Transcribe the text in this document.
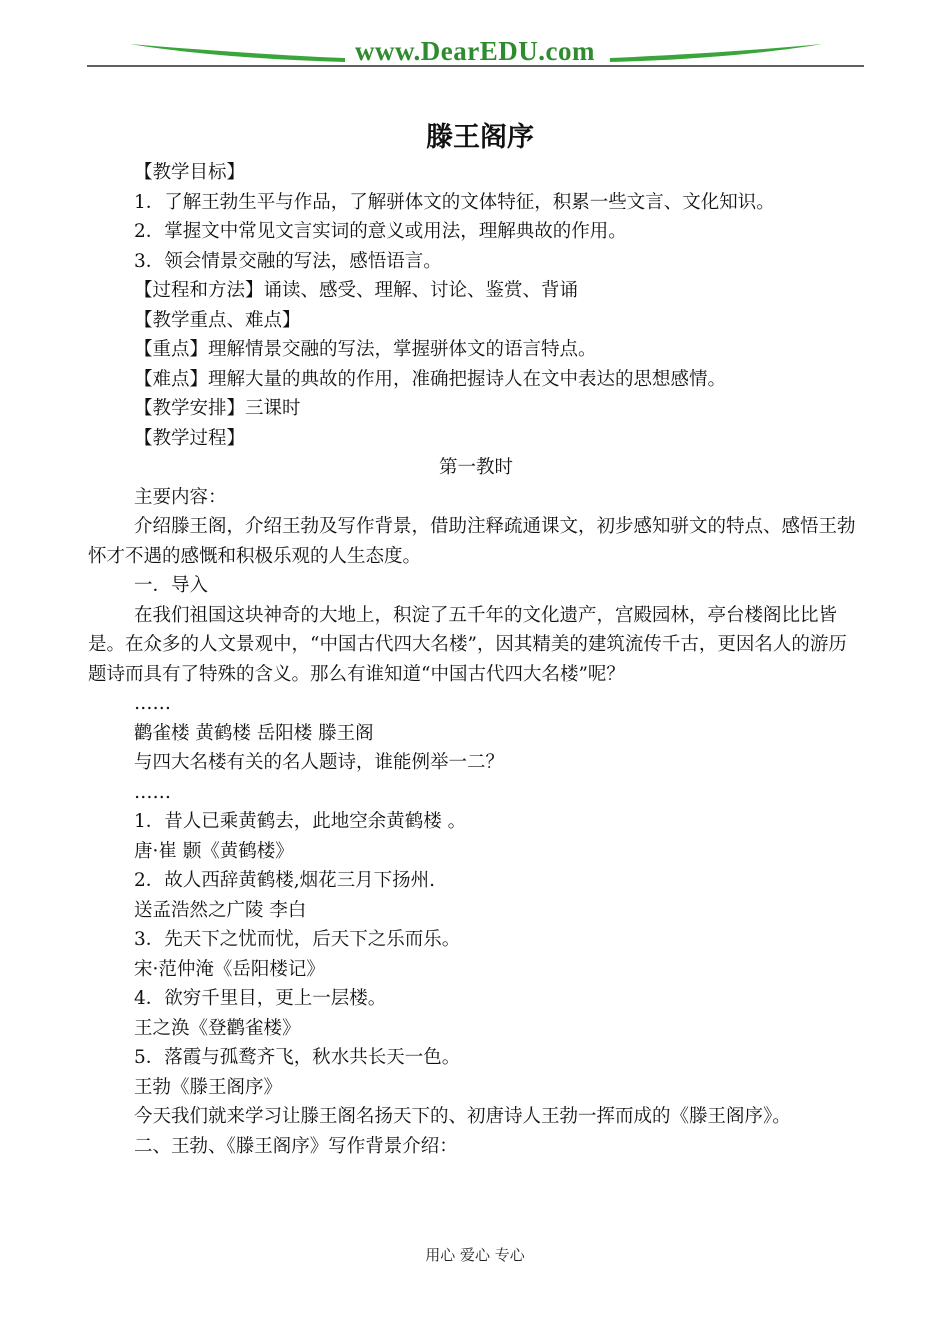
www.DearEDU.com
滕王阁序

【教学目标】

1．了解王勃生平与作品，了解骈体文的文体特征，积累一些文言、文化知识。

2．掌握文中常见文言实词的意义或用法，理解典故的作用。

3．领会情景交融的写法，感悟语言。

【过程和方法】诵读、感受、理解、讨论、鉴赏、背诵

【教学重点、难点】

【重点】理解情景交融的写法，掌握骈体文的语言特点。

【难点】理解大量的典故的作用，准确把握诗人在文中表达的思想感情。

【教学安排】三课时

【教学过程】

第一教时

主要内容：

介绍滕王阁，介绍王勃及写作背景，借助注释疏通课文，初步感知骈文的特点、感悟王勃怀才不遇的感慨和积极乐观的人生态度。

一．导入

在我们祖国这块神奇的大地上，积淀了五千年的文化遗产，宫殿园林，亭台楼阁比比皆是。在众多的人文景观中，“中国古代四大名楼”，因其精美的建筑流传千古，更因名人的游历题诗而具有了特殊的含义。那么有谁知道“中国古代四大名楼”呢？

……

鹳雀楼 黄鹤楼 岳阳楼 滕王阁

与四大名楼有关的名人题诗，谁能例举一二？

……

1．昔人已乘黄鹤去，此地空余黄鹤楼 。

唐·崔 颢《黄鹤楼》

2．故人西辞黄鹤楼,烟花三月下扬州.

送孟浩然之广陵 李白

3．先天下之忧而忧，后天下之乐而乐。

宋·范仲淹《岳阳楼记》

4．欲穷千里目，更上一层楼。

王之涣《登鹳雀楼》

5．落霞与孤鹜齐飞，秋水共长天一色。

王勃《滕王阁序》

今天我们就来学习让滕王阁名扬天下的、初唐诗人王勃一挥而成的《滕王阁序》。

二、王勃、《滕王阁序》写作背景介绍：

用心 爱心 专心
